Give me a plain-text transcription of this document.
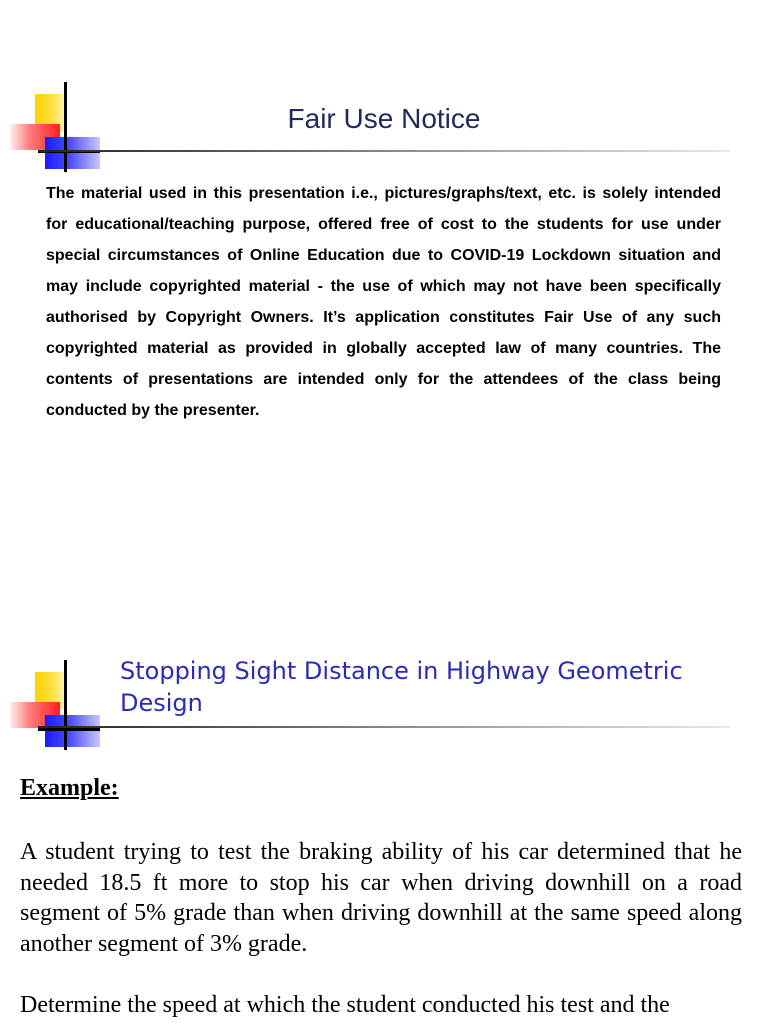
Fair Use Notice

The material used in this presentation i.e., pictures/graphs/text, etc. is solely intended for educational/teaching purpose, offered free of cost to the students for use under special circumstances of Online Education due to COVID-19 Lockdown situation and may include copyrighted material - the use of which may not have been specifically authorised by Copyright Owners. It’s application constitutes Fair Use of any such copyrighted material as provided in globally accepted law of many countries. The contents of presentations are intended only for the attendees of the class being conducted by the presenter.

Stopping Sight Distance in Highway Geometric Design

Example:

A student trying to test the braking ability of his car determined that he needed 18.5 ft more to stop his car when driving downhill on a road segment of 5% grade than when driving downhill at the same speed along another segment of 3% grade.

Determine the speed at which the student conducted his test and the
